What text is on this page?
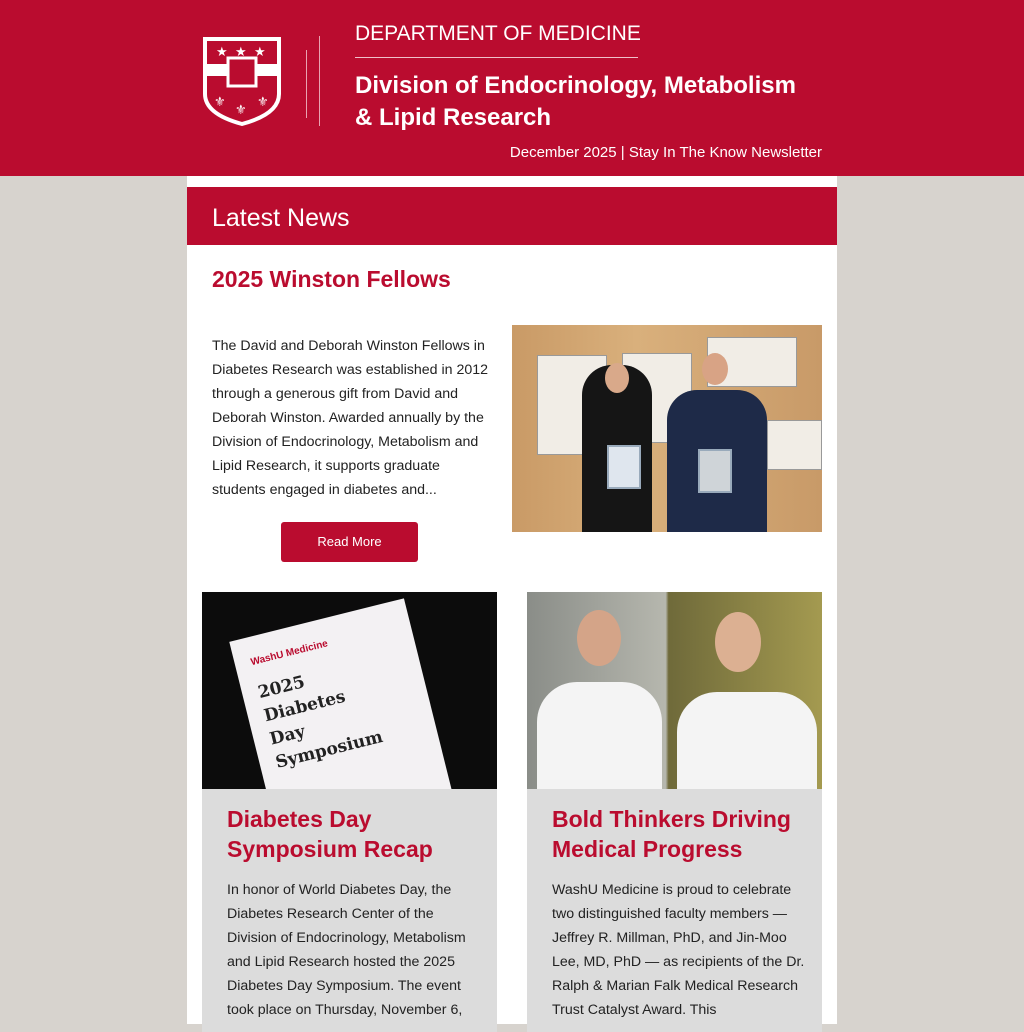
★ ★ ★
⚜
⚜
⚜
DEPARTMENT OF MEDICINE
Division of Endocrinology, Metabolism & Lipid Research
December 2025 | Stay In The Know Newsletter
Latest News
2025 Winston Fellows
The David and Deborah Winston Fellows in Diabetes Research was established in 2012 through a generous gift from David and Deborah Winston. Awarded annually by the Division of Endocrinology, Metabolism and Lipid Research, it supports graduate students engaged in diabetes and...
Read More
WashU Medicine
2025 Diabetes Day Symposium
Diabetes Day Symposium Recap
In honor of World Diabetes Day, the Diabetes Research Center of the Division of Endocrinology, Metabolism and Lipid Research hosted the 2025 Diabetes Day Symposium. The event took place on Thursday, November 6,
Bold Thinkers Driving Medical Progress
WashU Medicine is proud to celebrate two distinguished faculty members — Jeffrey R. Millman, PhD, and Jin-Moo Lee, MD, PhD — as recipients of the Dr. Ralph & Marian Falk Medical Research Trust Catalyst Award. This
